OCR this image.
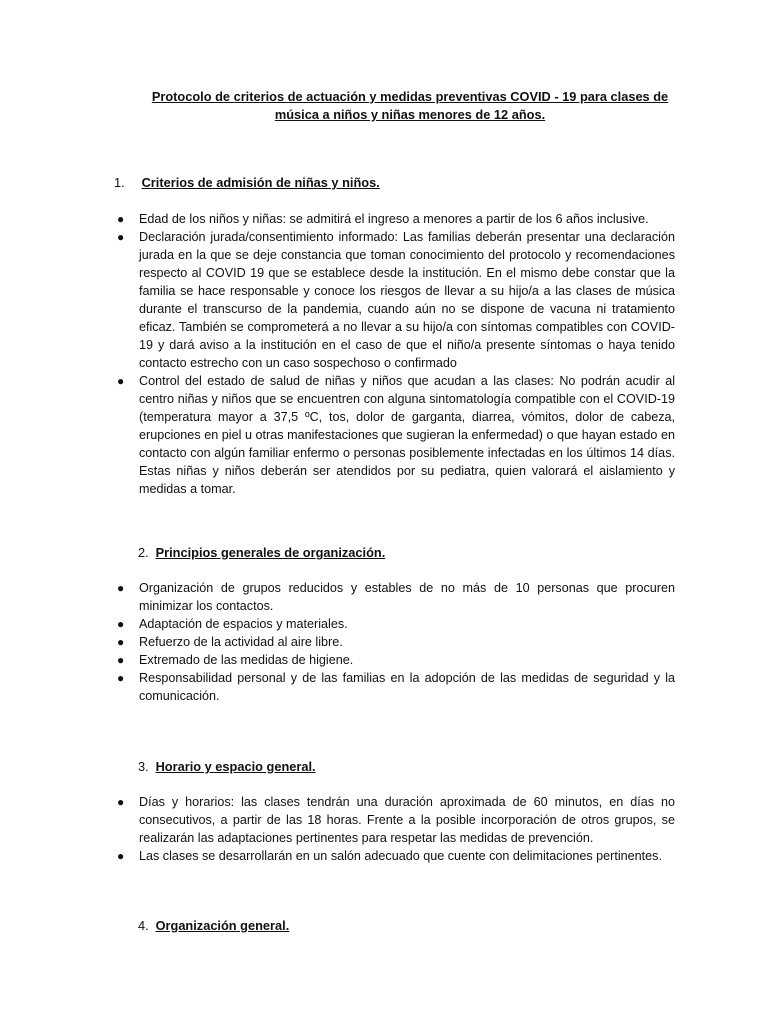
Protocolo de criterios de actuación y medidas preventivas COVID - 19 para clases de
música a niños y niñas menores de 12 años.
1. Criterios de admisión de niñas y niños.
● Edad de los niños y niñas: se admitirá el ingreso a menores a partir de los 6 años inclusive.
● Declaración jurada/consentimiento informado: Las familias deberán presentar una declaración jurada en la que se deje constancia que toman conocimiento del protocolo y recomendaciones respecto al COVID 19 que se establece desde la institución. En el mismo debe constar que la familia se hace responsable y conoce los riesgos de llevar a su hijo/a a las clases de música durante el transcurso de la pandemia, cuando aún no se dispone de vacuna ni tratamiento eficaz. También se comprometerá a no llevar a su hijo/a con síntomas compatibles con COVID-19 y dará aviso a la institución en el caso de que el niño/a presente síntomas o haya tenido contacto estrecho con un caso sospechoso o confirmado
● Control del estado de salud de niñas y niños que acudan a las clases: No podrán acudir al centro niñas y niños que se encuentren con alguna sintomatología compatible con el COVID-19 (temperatura mayor a 37,5 ºC, tos, dolor de garganta, diarrea, vómitos, dolor de cabeza, erupciones en piel u otras manifestaciones que sugieran la enfermedad) o que hayan estado en contacto con algún familiar enfermo o personas posiblemente infectadas en los últimos 14 días. Estas niñas y niños deberán ser atendidos por su pediatra, quien valorará el aislamiento y medidas a tomar.
2. Principios generales de organización.
● Organización de grupos reducidos y estables de no más de 10 personas que procuren minimizar los contactos.
● Adaptación de espacios y materiales.
● Refuerzo de la actividad al aire libre.
● Extremado de las medidas de higiene.
● Responsabilidad personal y de las familias en la adopción de las medidas de seguridad y la comunicación.
3. Horario y espacio general.
● Días y horarios: las clases tendrán una duración aproximada de 60 minutos, en días no consecutivos, a partir de las 18 horas. Frente a la posible incorporación de otros grupos, se realizarán las adaptaciones pertinentes para respetar las medidas de prevención.
● Las clases se desarrollarán en un salón adecuado que cuente con delimitaciones pertinentes.
4. Organización general.
